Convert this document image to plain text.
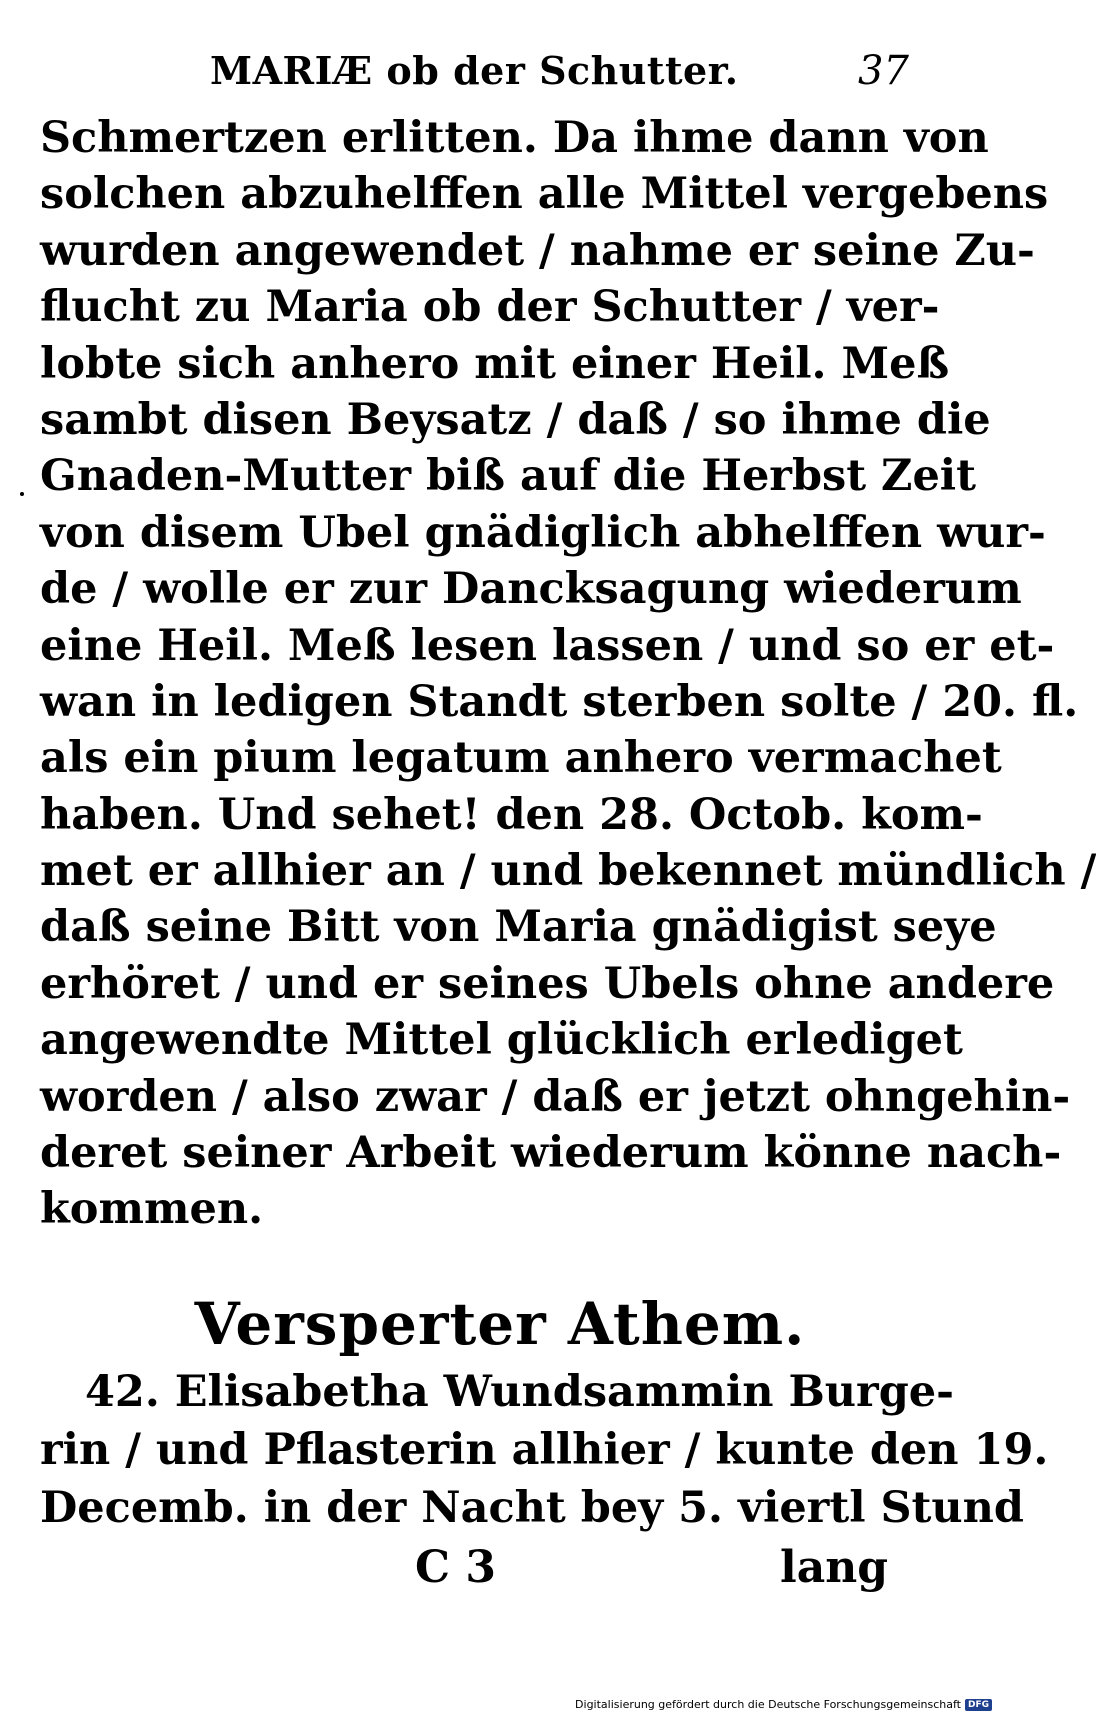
MARIÆ ob der Schutter.	37
Schmertzen erlitten. Da ihme dann von
solchen abzuhelffen alle Mittel vergebens
wurden angewendet / nahme er seine Zu-
flucht zu Maria ob der Schutter / ver-
lobte sich anhero mit einer Heil. Meß
sambt disen Beysatz / daß / so ihme die
Gnaden-Mutter biß auf die Herbst Zeit
von disem Ubel gnädiglich abhelffen wur-
de / wolle er zur Dancksagung wiederum
eine Heil. Meß lesen lassen / und so er et-
wan in ledigen Standt sterben solte / 20. fl.
als ein pium legatum anhero vermachet
haben. Und sehet! den 28. Octob. kom-
met er allhier an / und bekennet mündlich /
daß seine Bitt von Maria gnädigist seye
erhöret / und er seines Ubels ohne andere
angewendte Mittel glücklich erlediget
worden / also zwar / daß er jetzt ohngehin-
deret seiner Arbeit wiederum könne nach-
kommen.
Versperter Athem.
42. Elisabetha Wundsammin Burge-
rin / und Pflasterin allhier / kunte den 19.
Decemb. in der Nacht bey 5. viertl Stund
C 3	lang
Digitalisierung gefördert durch die Deutsche Forschungsgemeinschaft DFG
